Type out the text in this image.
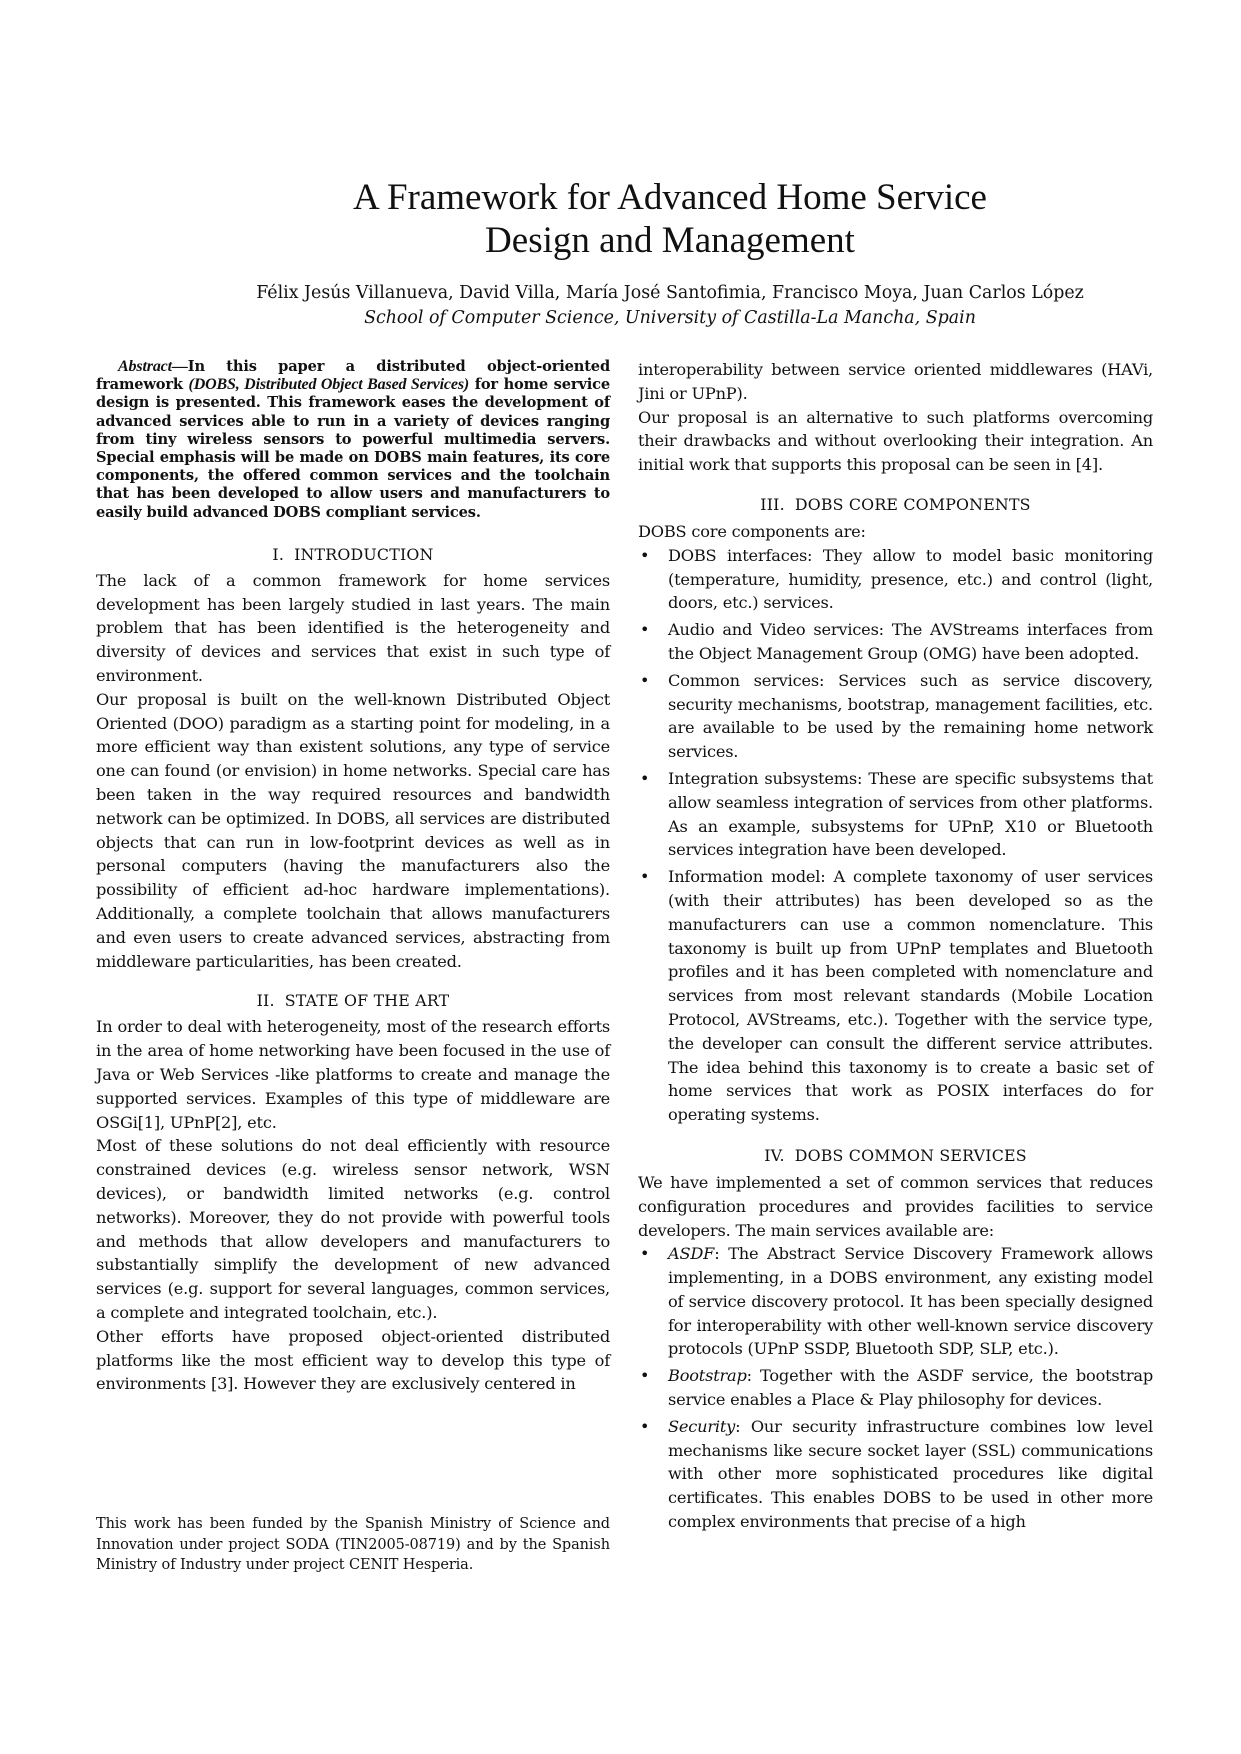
A Framework for Advanced Home Service
Design and Management
Félix Jesús Villanueva, David Villa, María José Santofimia, Francisco Moya, Juan Carlos López
School of Computer Science, University of Castilla-La Mancha, Spain

Abstract—In this paper a distributed object-oriented framework (DOBS, Distributed Object Based Services) for home service design is presented. This framework eases the development of advanced services able to run in a variety of devices ranging from tiny wireless sensors to powerful multimedia servers. Special emphasis will be made on DOBS main features, its core components, the offered common services and the toolchain that has been developed to allow users and manufacturers to easily build advanced DOBS compliant services.

I. INTRODUCTION

The lack of a common framework for home services development has been largely studied in last years. The main problem that has been identified is the heterogeneity and diversity of devices and services that exist in such type of environment.

Our proposal is built on the well-known Distributed Object Oriented (DOO) paradigm as a starting point for modeling, in a more efficient way than existent solutions, any type of service one can found (or envision) in home networks. Special care has been taken in the way required resources and bandwidth network can be optimized. In DOBS, all services are distributed objects that can run in low-footprint devices as well as in personal computers (having the manufacturers also the possibility of efficient ad-hoc hardware implementations). Additionally, a complete toolchain that allows manufacturers and even users to create advanced services, abstracting from middleware particularities, has been created.

II. STATE OF THE ART

In order to deal with heterogeneity, most of the research efforts in the area of home networking have been focused in the use of Java or Web Services -like platforms to create and manage the supported services. Examples of this type of middleware are OSGi[1], UPnP[2], etc.

Most of these solutions do not deal efficiently with resource constrained devices (e.g. wireless sensor network, WSN devices), or bandwidth limited networks (e.g. control networks). Moreover, they do not provide with powerful tools and methods that allow developers and manufacturers to substantially simplify the development of new advanced services (e.g. support for several languages, common services, a complete and integrated toolchain, etc.).

Other efforts have proposed object-oriented distributed platforms like the most efficient way to develop this type of environments [3]. However they are exclusively centered in

interoperability between service oriented middlewares (HAVi, Jini or UPnP).

Our proposal is an alternative to such platforms overcoming their drawbacks and without overlooking their integration. An initial work that supports this proposal can be seen in [4].

III. DOBS CORE COMPONENTS

DOBS core components are:

• DOBS interfaces: They allow to model basic monitoring (temperature, humidity, presence, etc.) and control (light, doors, etc.) services.
• Audio and Video services: The AVStreams interfaces from the Object Management Group (OMG) have been adopted.
• Common services: Services such as service discovery, security mechanisms, bootstrap, management facilities, etc. are available to be used by the remaining home network services.
• Integration subsystems: These are specific subsystems that allow seamless integration of services from other platforms. As an example, subsystems for UPnP, X10 or Bluetooth services integration have been developed.
• Information model: A complete taxonomy of user services (with their attributes) has been developed so as the manufacturers can use a common nomenclature. This taxonomy is built up from UPnP templates and Bluetooth profiles and it has been completed with nomenclature and services from most relevant standards (Mobile Location Protocol, AVStreams, etc.). Together with the service type, the developer can consult the different service attributes. The idea behind this taxonomy is to create a basic set of home services that work as POSIX interfaces do for operating systems.
IV. DOBS COMMON SERVICES

We have implemented a set of common services that reduces configuration procedures and provides facilities to service developers. The main services available are:

• ASDF: The Abstract Service Discovery Framework allows implementing, in a DOBS environment, any existing model of service discovery protocol. It has been specially designed for interoperability with other well-known service discovery protocols (UPnP SSDP, Bluetooth SDP, SLP, etc.).
• Bootstrap: Together with the ASDF service, the bootstrap service enables a Place & Play philosophy for devices.
• Security: Our security infrastructure combines low level mechanisms like secure socket layer (SSL) communications with other more sophisticated procedures like digital certificates. This enables DOBS to be used in other more complex environments that precise of a high

This work has been funded by the Spanish Ministry of Science and Innovation under project SODA (TIN2005-08719) and by the Spanish Ministry of Industry under project CENIT Hesperia.
